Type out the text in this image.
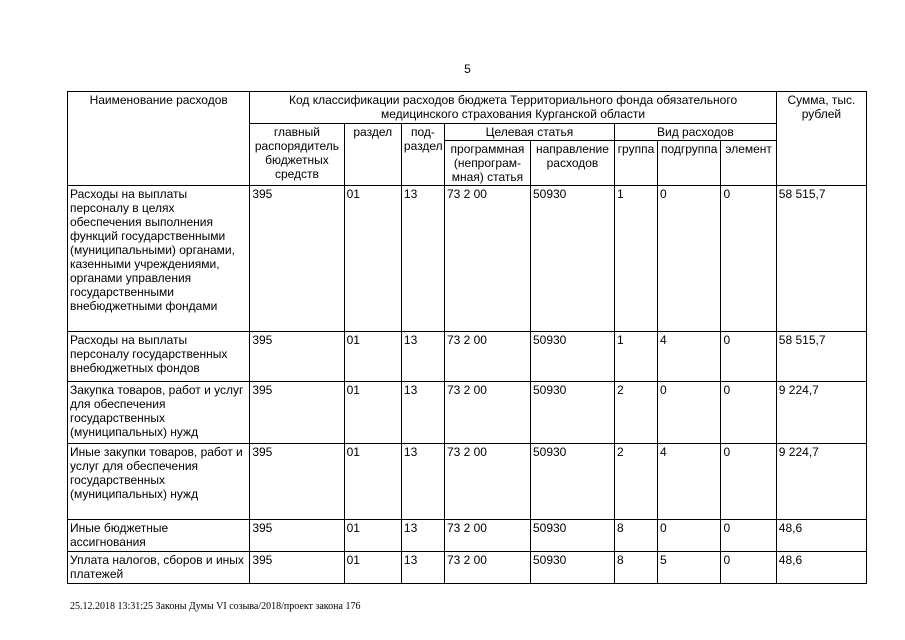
5
Наименование расходов	Код классификации расходов бюджета Территориального фонда обязательного медицинского страхования Курганской области								Сумма, тыс. рублей
	главный распорядитель бюджетных средств	раздел	под-раздел	Целевая статья		Вид расходов			
				программная (непрограм-мная) статья	направление расходов	группа	подгруппа	элемент	
Расходы на выплаты персоналу в целях обеспечения выполнения функций государственными (муниципальными) органами, казенными учреждениями, органами управления государственными внебюджетными фондами	395	01	13	73 2 00	50930	1	0	0	58 515,7
Расходы на выплаты персоналу государственных внебюджетных фондов	395	01	13	73 2 00	50930	1	4	0	58 515,7
Закупка товаров, работ и услуг для обеспечения государственных (муниципальных) нужд	395	01	13	73 2 00	50930	2	0	0	9 224,7
Иные закупки товаров, работ и услуг для обеспечения государственных (муниципальных) нужд	395	01	13	73 2 00	50930	2	4	0	9 224,7
Иные бюджетные ассигнования	395	01	13	73 2 00	50930	8	0	0	48,6
Уплата налогов, сборов и иных платежей	395	01	13	73 2 00	50930	8	5	0	48,6
25.12.2018 13:31:25 Законы Думы VI созыва/2018/проект закона 176
